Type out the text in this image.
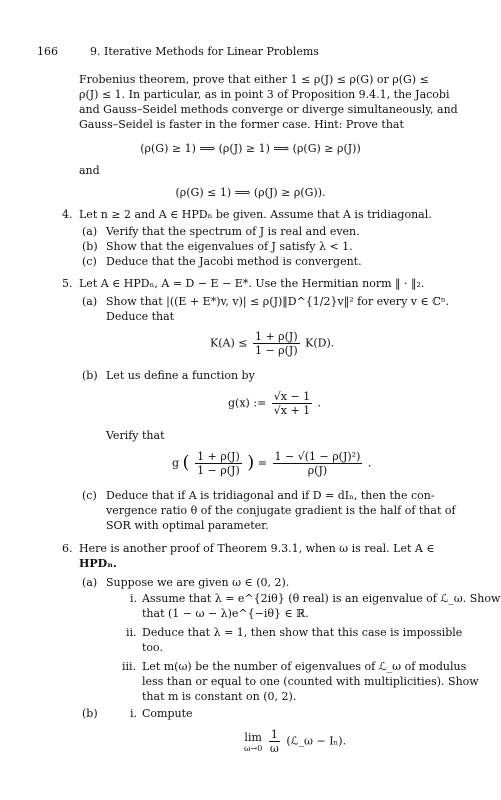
166	9. Iterative Methods for Linear Problems
Frobenius theorem, prove that either 1 ≤ ρ(J) ≤ ρ(G) or ρ(G) ≤
ρ(J) ≤ 1. In particular, as in point 3 of Proposition 9.4.1, the Jacobi
and Gauss–Seidel methods converge or diverge simultaneously, and
Gauss–Seidel is faster in the former case. Hint: Prove that
(ρ(G) ≥ 1) ⟹ (ρ(J) ≥ 1) ⟹ (ρ(G) ≥ ρ(J))
and
(ρ(G) ≤ 1) ⟹ (ρ(J) ≥ ρ(G)).
4. Let n ≥ 2 and A ∈ HPDₙ be given. Assume that A is tridiagonal.
(a) Verify that the spectrum of J is real and even.
(b) Show that the eigenvalues of J satisfy λ < 1.
(c) Deduce that the Jacobi method is convergent.
5. Let A ∈ HPDₙ, A = D − E − E*. Use the Hermitian norm ‖ · ‖₂.
(a) Show that |((E + E*)v, v)| ≤ ρ(J)‖D^{1/2}v‖² for every v ∈ ℂⁿ.
Deduce that
$K(A) \le \frac{1 + \rho(J)}{1 - \rho(J)} K(D)$.
(b) Let us define a function by
g(x) := $\frac{√x - 1}{√x + 1}$ .
Verify that
g ( $\frac{1 + \rho(J)}{1 - \rho(J)}$ ) = $\frac{\text{1 − √(1 − ρ(J)²)}}{\rho(J)}$ .
(c) Deduce that if A is tridiagonal and if D = dIₙ, then the con-
vergence ratio θ of the conjugate gradient is the half of that of
SOR with optimal parameter.
6. Here is another proof of Theorem 9.3.1, when ω is real. Let A ∈
HPDₙ.
(a) Suppose we are given ω ∈ (0, 2).
i. Assume that λ = e^{2iθ} (θ real) is an eigenvalue of ℒ_ω. Show
that (1 − ω − λ)e^{−iθ} ∈ ℝ.
ii. Deduce that λ = 1, then show that this case is impossible
too.
iii. Let m(ω) be the number of eigenvalues of ℒ_ω of modulus
less than or equal to one (counted with multiplicities). Show
that m is constant on (0, 2).
(b)	i. Compute
lim
ω→0
$\frac{1}{\omega}$ (ℒ_ω − Iₙ).
